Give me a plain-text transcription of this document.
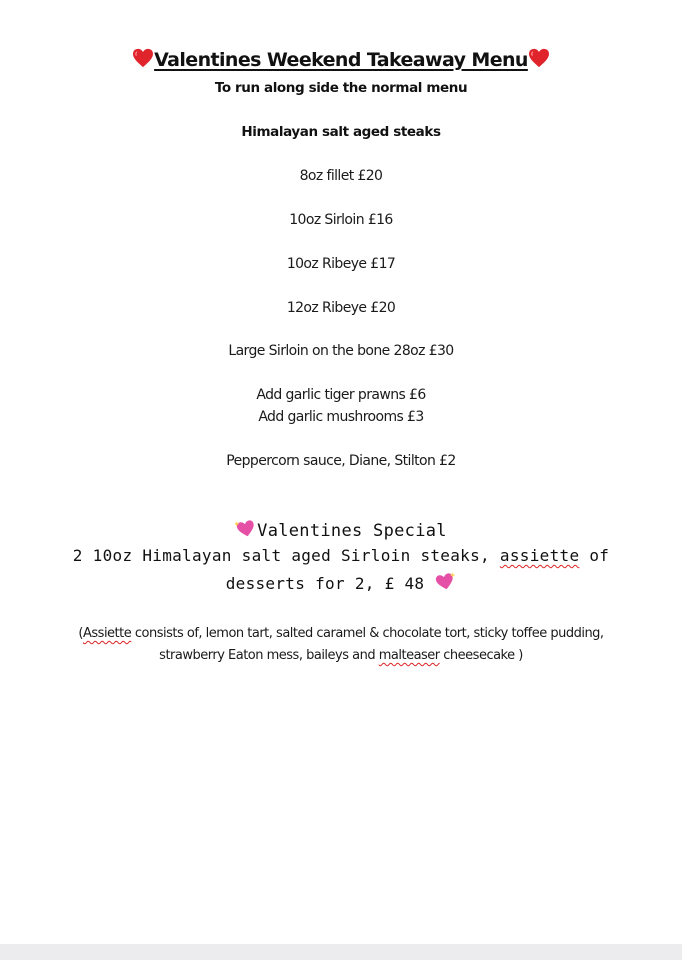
Valentines Weekend Takeaway Menu
To run along side the normal menu
Himalayan salt aged steaks
8oz fillet £20
10oz Sirloin £16
10oz Ribeye £17
12oz Ribeye £20
Large Sirloin on the bone 28oz £30
Add garlic tiger prawns £6
Add garlic mushrooms £3
Peppercorn sauce, Diane, Stilton £2
Valentines Special
2 10oz Himalayan salt aged Sirloin steaks, assiette of
desserts for 2, £ 48
(Assiette consists of, lemon tart, salted caramel & chocolate tort, sticky toffee pudding, strawberry Eaton mess, baileys and malteaser cheesecake )
